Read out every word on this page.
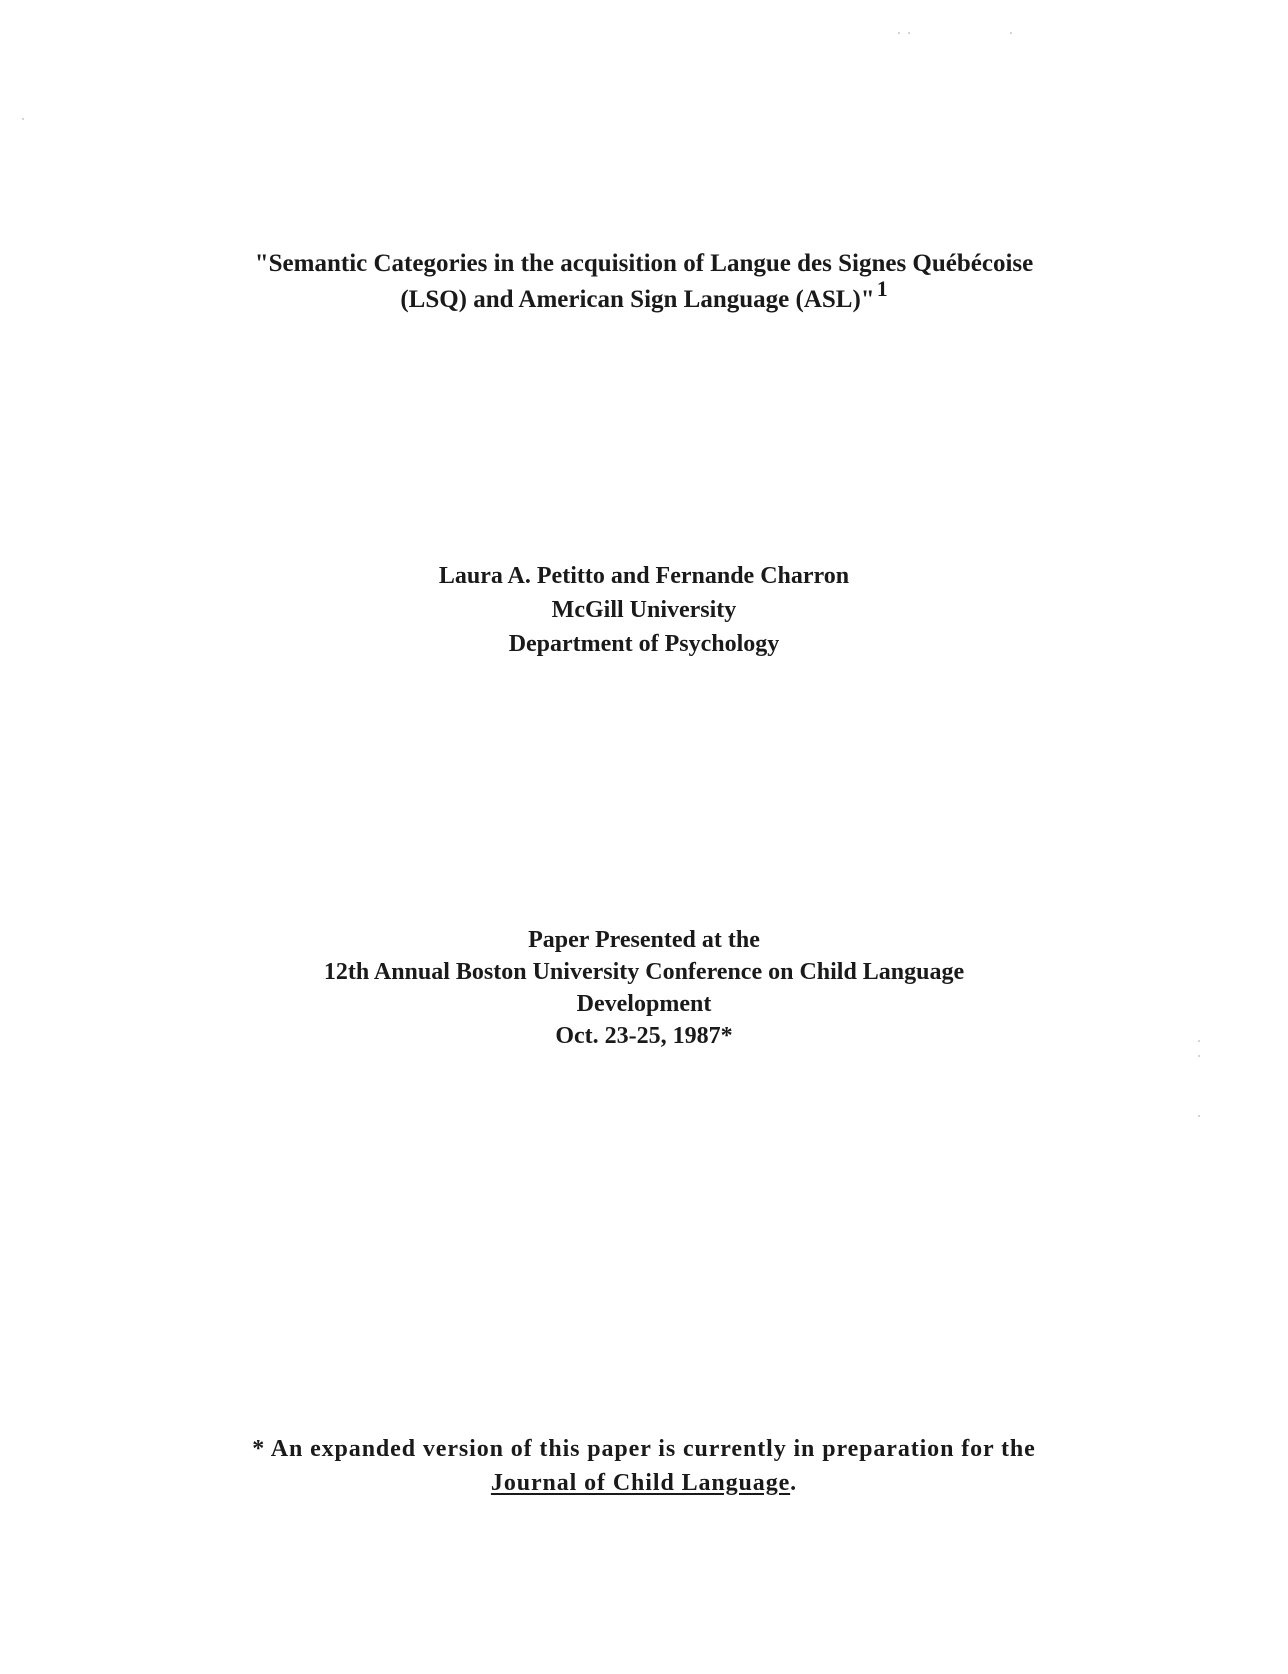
"Semantic Categories in the acquisition of Langue des Signes Québécoise
(LSQ) and American Sign Language (ASL)"$^1$
Laura A. Petitto and Fernande Charron
McGill University
Department of Psychology
Paper Presented at the
12th Annual Boston University Conference on Child Language
Development
Oct. 23-25, 1987*
* An expanded version of this paper is currently in preparation for the
Journal of Child Language.
